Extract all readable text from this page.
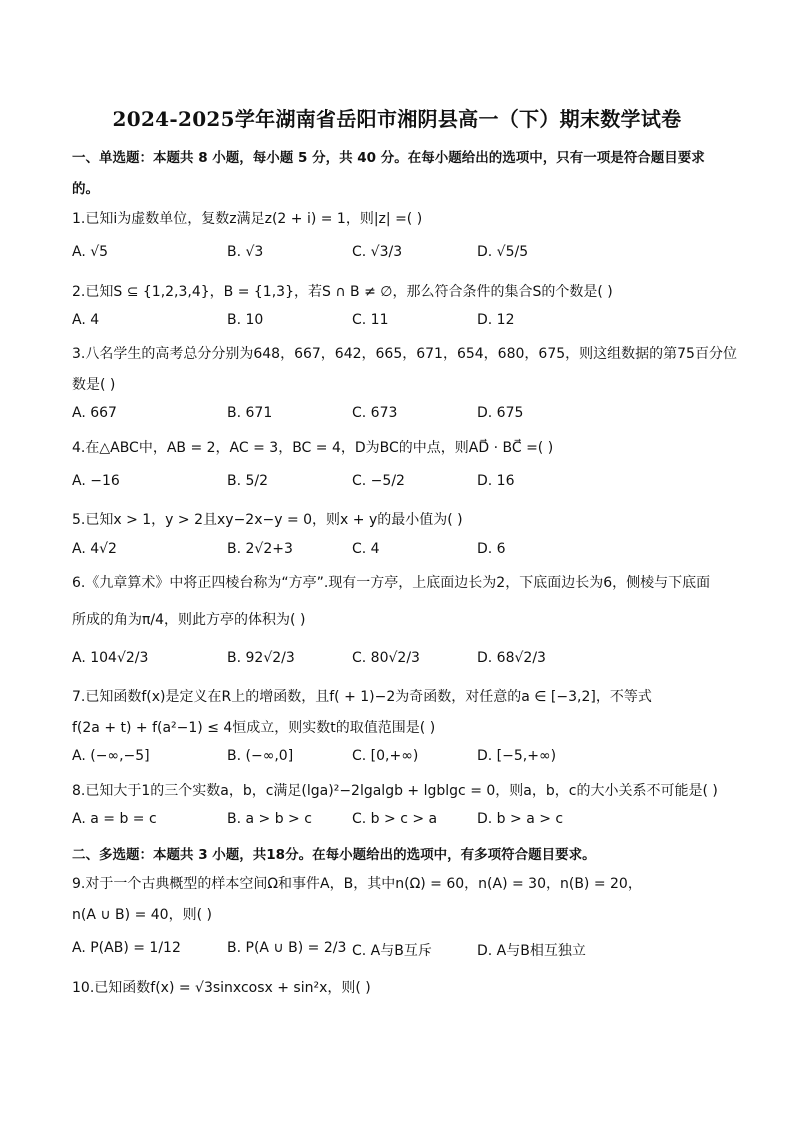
2024-2025学年湖南省岳阳市湘阴县高一（下）期末数学试卷
一、单选题：本题共 8 小题，每小题 5 分，共 40 分。在每小题给出的选项中，只有一项是符合题目要求
的。
1.已知i为虚数单位，复数z满足z(2 + i) = 1，则|z| =( )
A. √5	B. √3	C. √3/3	D. √5/5
2.已知S ⊆ {1,2,3,4}，B = {1,3}，若S ∩ B ≠ ∅，那么符合条件的集合S的个数是( )
A. 4	B. 10	C. 11	D. 12
3.八名学生的高考总分分别为648，667，642，665，671，654，680，675，则这组数据的第75百分位
数是( )
A. 667	B. 671	C. 673	D. 675
4.在△ABC中，AB = 2，AC = 3，BC = 4，D为BC的中点，则AD⃗ · BC⃗ =( )
A. −16	B. 5/2	C. −5/2	D. 16
5.已知x > 1，y > 2且xy−2x−y = 0，则x + y的最小值为( )
A. 4√2	B. 2√2+3	C. 4	D. 6
6.《九章算术》中将正四棱台称为“方亭”.现有一方亭，上底面边长为2，下底面边长为6，侧棱与下底面
所成的角为π/4，则此方亭的体积为( )
A. 104√2/3	B. 92√2/3	C. 80√2/3	D. 68√2/3
7.已知函数f(x)是定义在R上的增函数，且f( + 1)−2为奇函数，对任意的a ∈ [−3,2]，不等式
f(2a + t) + f(a²−1) ≤ 4恒成立，则实数t的取值范围是( )
A. (−∞,−5]	B. (−∞,0]	C. [0,+∞)	D. [−5,+∞)
8.已知大于1的三个实数a，b，c满足(lga)²−2lgalgb + lgblgc = 0，则a，b，c的大小关系不可能是( )
A. a = b = c	B. a > b > c	C. b > c > a	D. b > a > c
二、多选题：本题共 3 小题，共18分。在每小题给出的选项中，有多项符合题目要求。
9.对于一个古典概型的样本空间Ω和事件A，B，其中n(Ω) = 60，n(A) = 30，n(B) = 20，
n(A ∪ B) = 40，则( )
A. P(AB) = 1/12	B. P(A ∪ B) = 2/3 C. A与B互斥	D. A与B相互独立
10.已知函数f(x) = √3sinxcosx + sin²x，则( )
